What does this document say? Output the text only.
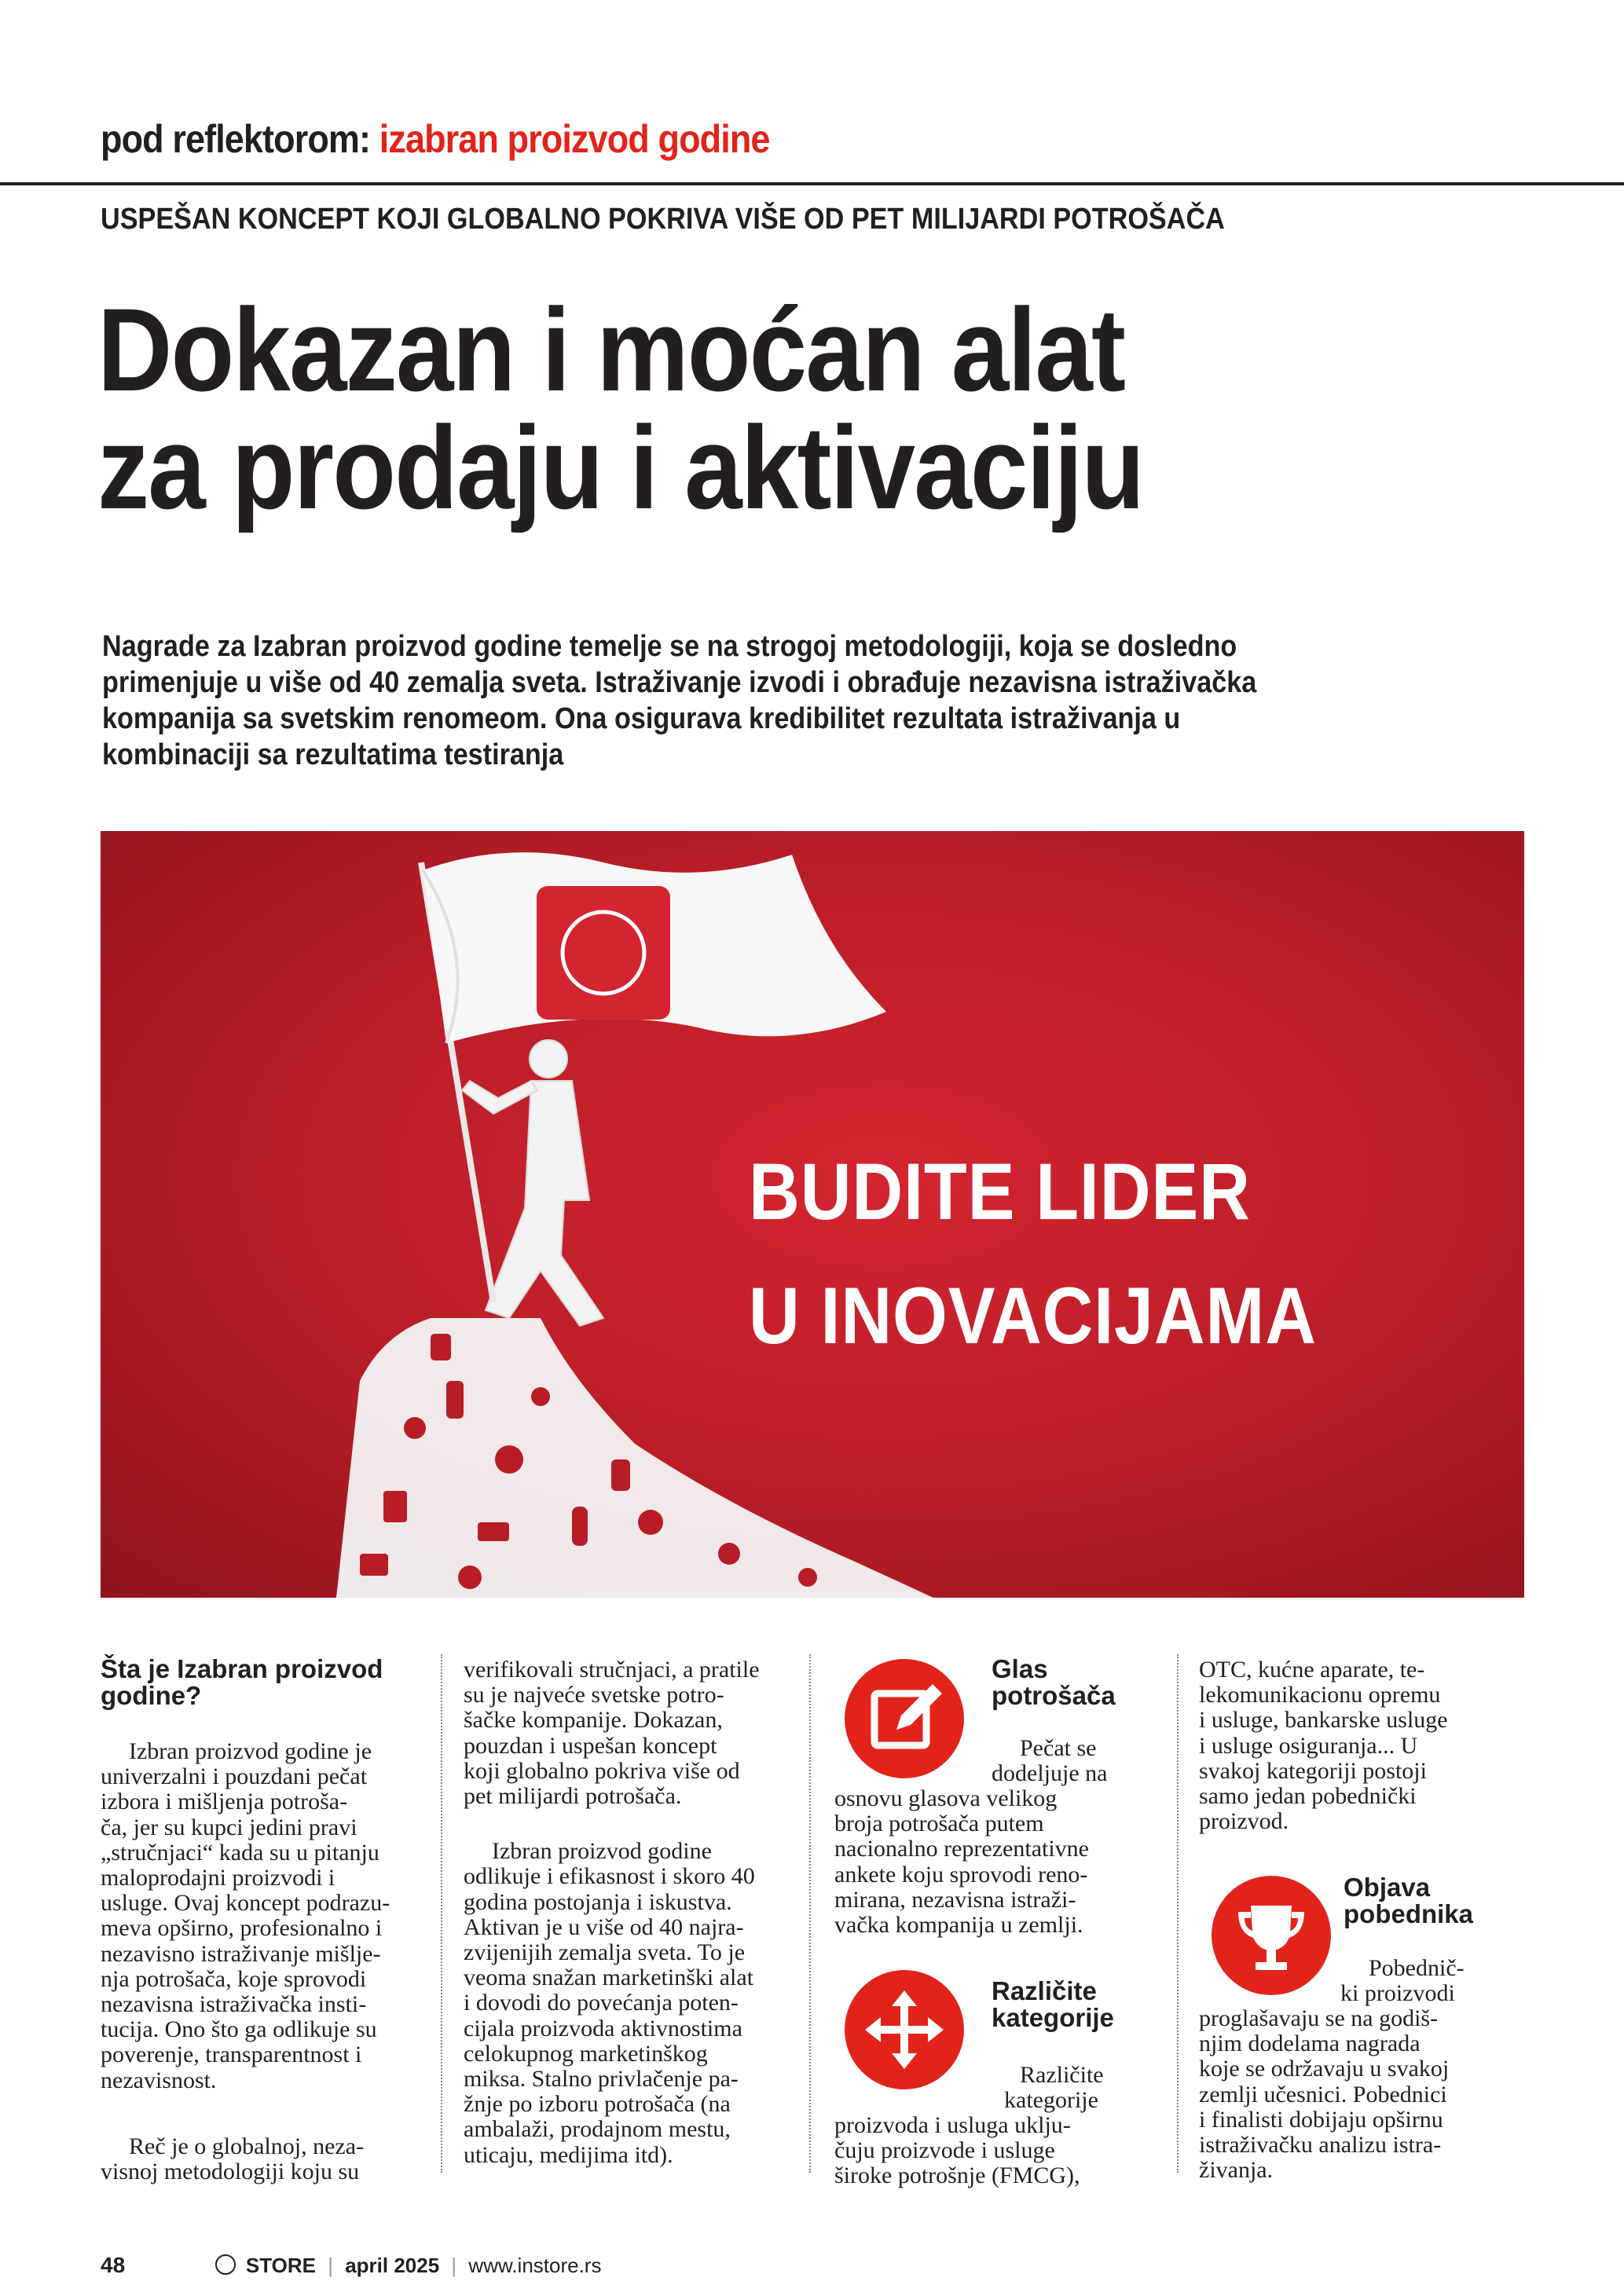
pod reflektorom: izabran proizvod godine
USPEŠAN KONCEPT KOJI GLOBALNO POKRIVA VIŠE OD PET MILIJARDI POTROŠAČA
Dokazan i moćan alat
za prodaju i aktivaciju
Nagrade za Izabran proizvod godine temelje se na strogoj metodologiji, koja se dosledno
primenjuje u više od 40 zemalja sveta. Istraživanje izvodi i obrađuje nezavisna istraživačka
kompanija sa svetskim renomeom. Ona osigurava kredibilitet rezultata istraživanja u
kombinaciji sa rezultatima testiranja
BUDITE LIDER
U INOVACIJAMA
Šta je Izabran proizvod
godine?

Izbran proizvod godine je
univerzalni i pouzdani pečat
izbora i mišljenja potroša-
ča, jer su kupci jedini pravi
„stručnjaci“ kada su u pitanju
maloprodajni proizvodi i
usluge. Ovaj koncept podrazu-
meva opširno, profesionalno i
nezavisno istraživanje mišlje-
nja potrošača, koje sprovodi
nezavisna istraživačka insti-
tucija. Ono što ga odlikuje su
poverenje, transparentnost i
nezavisnost.

Reč je o globalnoj, neza-
visnoj metodologiji koju su

verifikovali stručnjaci, a pratile
su je najveće svetske potro-
šačke kompanije. Dokazan,
pouzdan i uspešan koncept
koji globalno pokriva više od
pet milijardi potrošača.

Izbran proizvod godine
odlikuje i efikasnost i skoro 40
godina postojanja i iskustva.
Aktivan je u više od 40 najra-
zvijenijih zemalja sveta. To je
veoma snažan marketinški alat
i dovodi do povećanja poten-
cijala proizvoda aktivnostima
celokupnog marketinškog
miksa. Stalno privlačenje pa-
žnje po izboru potrošača (na
ambalaži, prodajnom mestu,
uticaju, medijima itd).

Glas
potrošača
Pečat se
dodeljuje na
osnovu glasova velikog
broja potrošača putem
nacionalno reprezentativne
ankete koju sprovodi reno-
mirana, nezavisna istraži-
vačka kompanija u zemlji.
Različite
kategorije
Različite
kategorije
proizvoda i usluga uklju-
čuju proizvode i usluge
široke potrošnje (FMCG),
OTC, kućne aparate, te-
lekomunikacionu opremu
i usluge, bankarske usluge
i usluge osiguranja... U
svakoj kategoriji postoji
samo jedan pobednički
proizvod.
Objava
pobednika
Pobednič-
ki proizvodi
proglašavaju se na godiš-
njim dodelama nagrada
koje se održavaju u svakoj
zemlji učesnici. Pobednici
i finalisti dobijaju opširnu
istraživačku analizu istra-
živanja.
48	STORE | april 2025 | www.instore.rs
